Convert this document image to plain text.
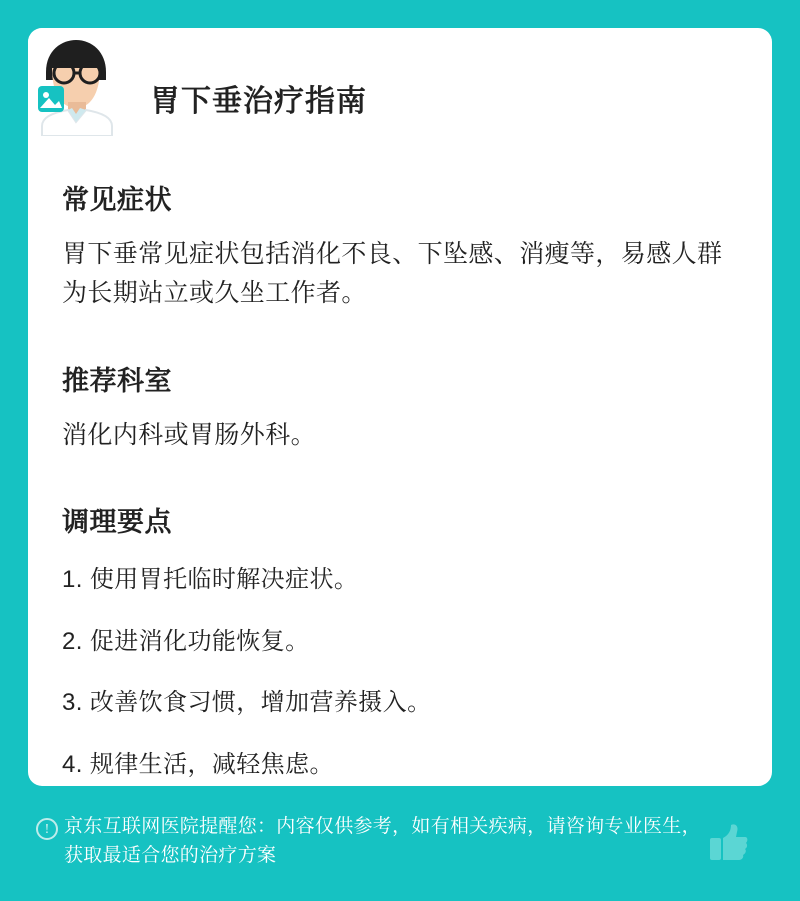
胃下垂治疗指南
常见症状

胃下垂常见症状包括消化不良、下坠感、消瘦等，易感人群为长期站立或久坐工作者。

推荐科室

消化内科或胃肠外科。

调理要点
1. 使用胃托临时解决症状。
2. 促进消化功能恢复。
3. 改善饮食习惯，增加营养摄入。
4. 规律生活，减轻焦虑。
! 京东互联网医院提醒您：内容仅供参考，如有相关疾病，请咨询专业医生，获取最适合您的治疗方案
